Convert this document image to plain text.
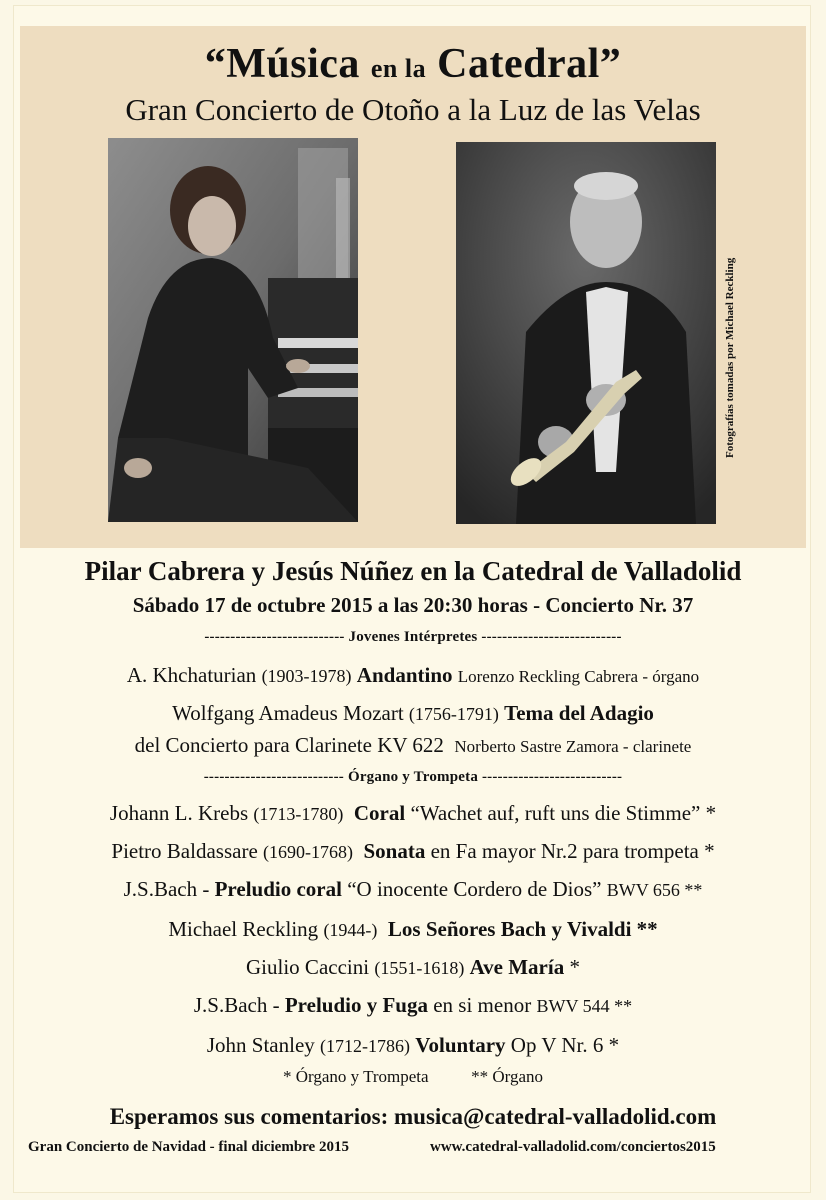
“Música en la Catedral”
Gran Concierto de Otoño a la Luz de las Velas
Fotografías tomadas por Michael Reckling
Pilar Cabrera y Jesús Núñez en la Catedral de Valladolid
Sábado 17 de octubre 2015 a las 20:30 horas - Concierto Nr. 37
--------------------------- Jovenes Intérpretes ---------------------------
A. Khchaturian (1903-1978) Andantino Lorenzo Reckling Cabrera - órgano
Wolfgang Amadeus Mozart (1756-1791) Tema del Adagio
del Concierto para Clarinete KV 622 Norberto Sastre Zamora - clarinete
--------------------------- Órgano y Trompeta ---------------------------
Johann L. Krebs (1713-1780) Coral “Wachet auf, ruft uns die Stimme” *
Pietro Baldassare (1690-1768) Sonata en Fa mayor Nr.2 para trompeta *
J.S.Bach - Preludio coral “O inocente Cordero de Dios” BWV 656 **
Michael Reckling (1944-) Los Señores Bach y Vivaldi **
Giulio Caccini (1551-1618) Ave María *
J.S.Bach - Preludio y Fuga en si menor BWV 544 **
John Stanley (1712-1786) Voluntary Op V Nr. 6 *
* Órgano y Trompeta	** Órgano
Esperamos sus comentarios: musica@catedral-valladolid.com
Gran Concierto de Navidad - final diciembre 2015	www.catedral-valladolid.com/conciertos2015
